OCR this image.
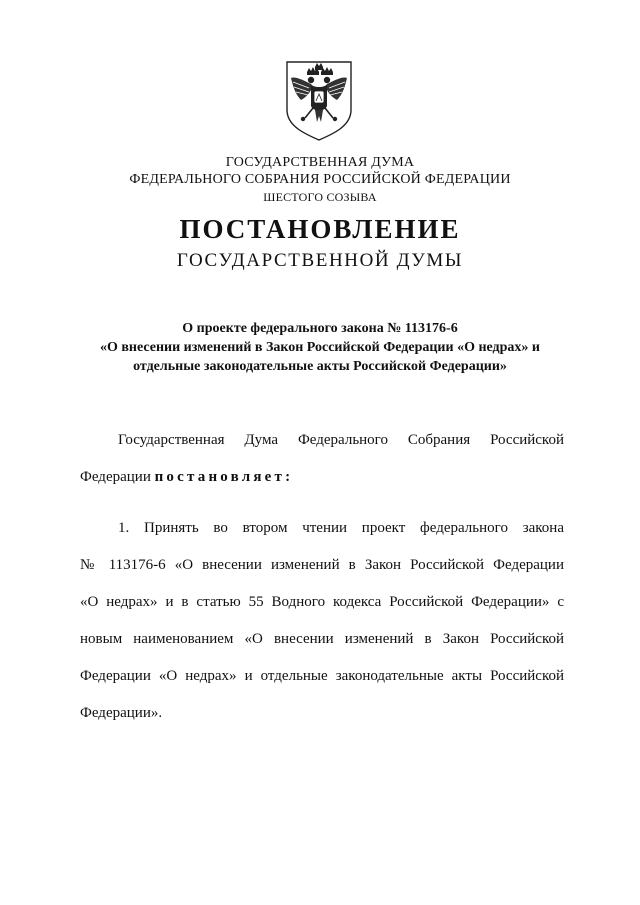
ГОСУДАРСТВЕННАЯ ДУМА
ФЕДЕРАЛЬНОГО СОБРАНИЯ РОССИЙСКОЙ ФЕДЕРАЦИИ
ШЕСТОГО СОЗЫВА
ПОСТАНОВЛЕНИЕ
ГОСУДАРСТВЕННОЙ ДУМЫ
О проекте федерального закона № 113176-6
«О внесении изменений в Закон Российской Федерации «О недрах» и
отдельные законодательные акты Российской Федерации»
Государственная Дума Федерального Собрания Российской
Федерации постановляет:
1. Принять во втором чтении проект федерального закона
№ 113176-6 «О внесении изменений в Закон Российской Федерации
«О недрах» и в статью 55 Водного кодекса Российской Федерации» с
новым наименованием «О внесении изменений в Закон Российской
Федерации «О недрах» и отдельные законодательные акты Российской
Федерации».
